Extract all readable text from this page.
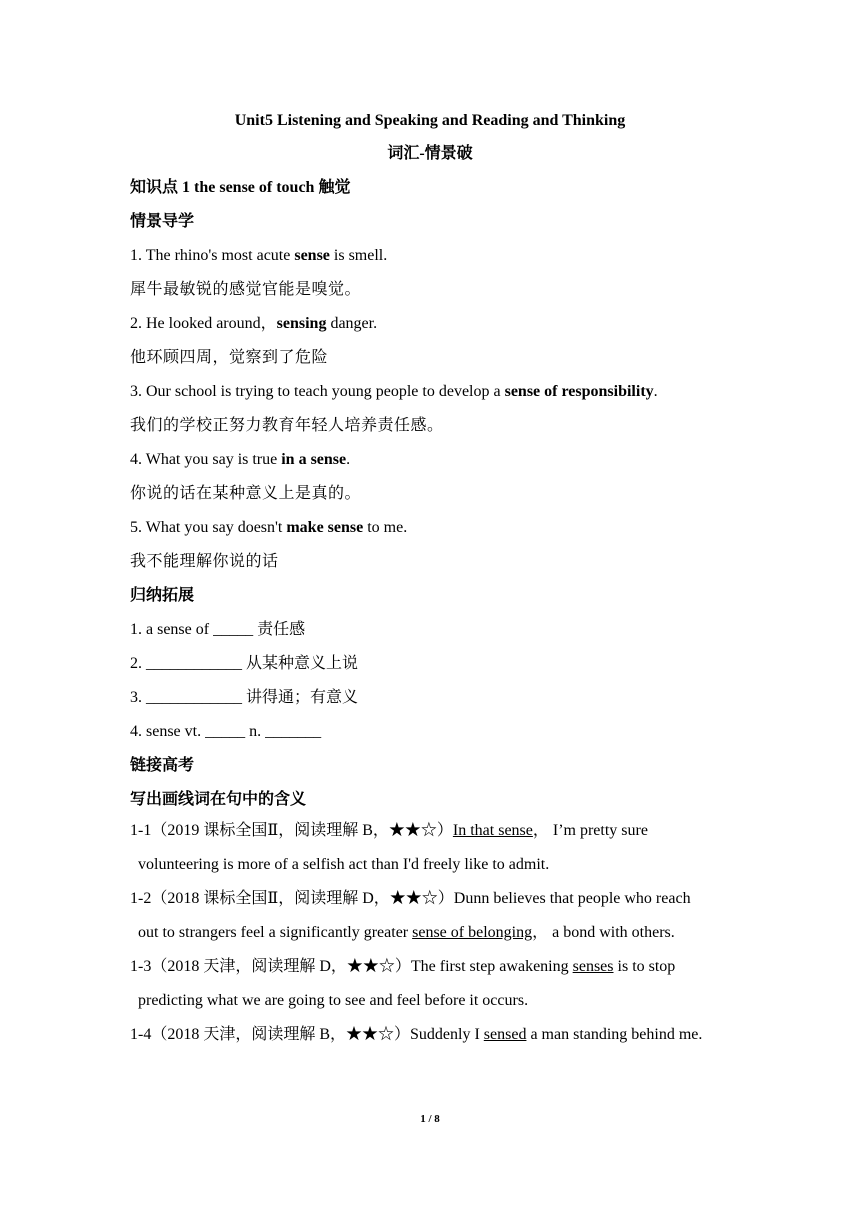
Unit5 Listening and Speaking and Reading and Thinking

词汇-情景破

知识点 1 the sense of touch 触觉

情景导学

1. The rhino's most acute sense is smell.

犀牛最敏锐的感觉官能是嗅觉。

2. He looked around，sensing danger.

他环顾四周，觉察到了危险

3. Our school is trying to teach young people to develop a sense of responsibility.

我们的学校正努力教育年轻人培养责任感。

4. What you say is true in a sense.

你说的话在某种意义上是真的。

5. What you say doesn't make sense to me.

我不能理解你说的话

归纳拓展

1. a sense of _____ 责任感

2. ____________ 从某种意义上说

3. ____________ 讲得通；有意义

4. sense vt. _____ n. _______

链接高考

写出画线词在句中的含义

1-1（2019 课标全国Ⅱ，阅读理解 B，★★☆）In that sense， I’m pretty sure

volunteering is more of a selfish act than I'd freely like to admit.

1-2（2018 课标全国Ⅱ，阅读理解 D，★★☆）Dunn believes that people who reach

out to strangers feel a significantly greater sense of belonging， a bond with others.

1-3（2018 天津，阅读理解 D，★★☆）The first step awakening senses is to stop

predicting what we are going to see and feel before it occurs.

1-4（2018 天津，阅读理解 B，★★☆）Suddenly I sensed a man standing behind me.

1 / 8
